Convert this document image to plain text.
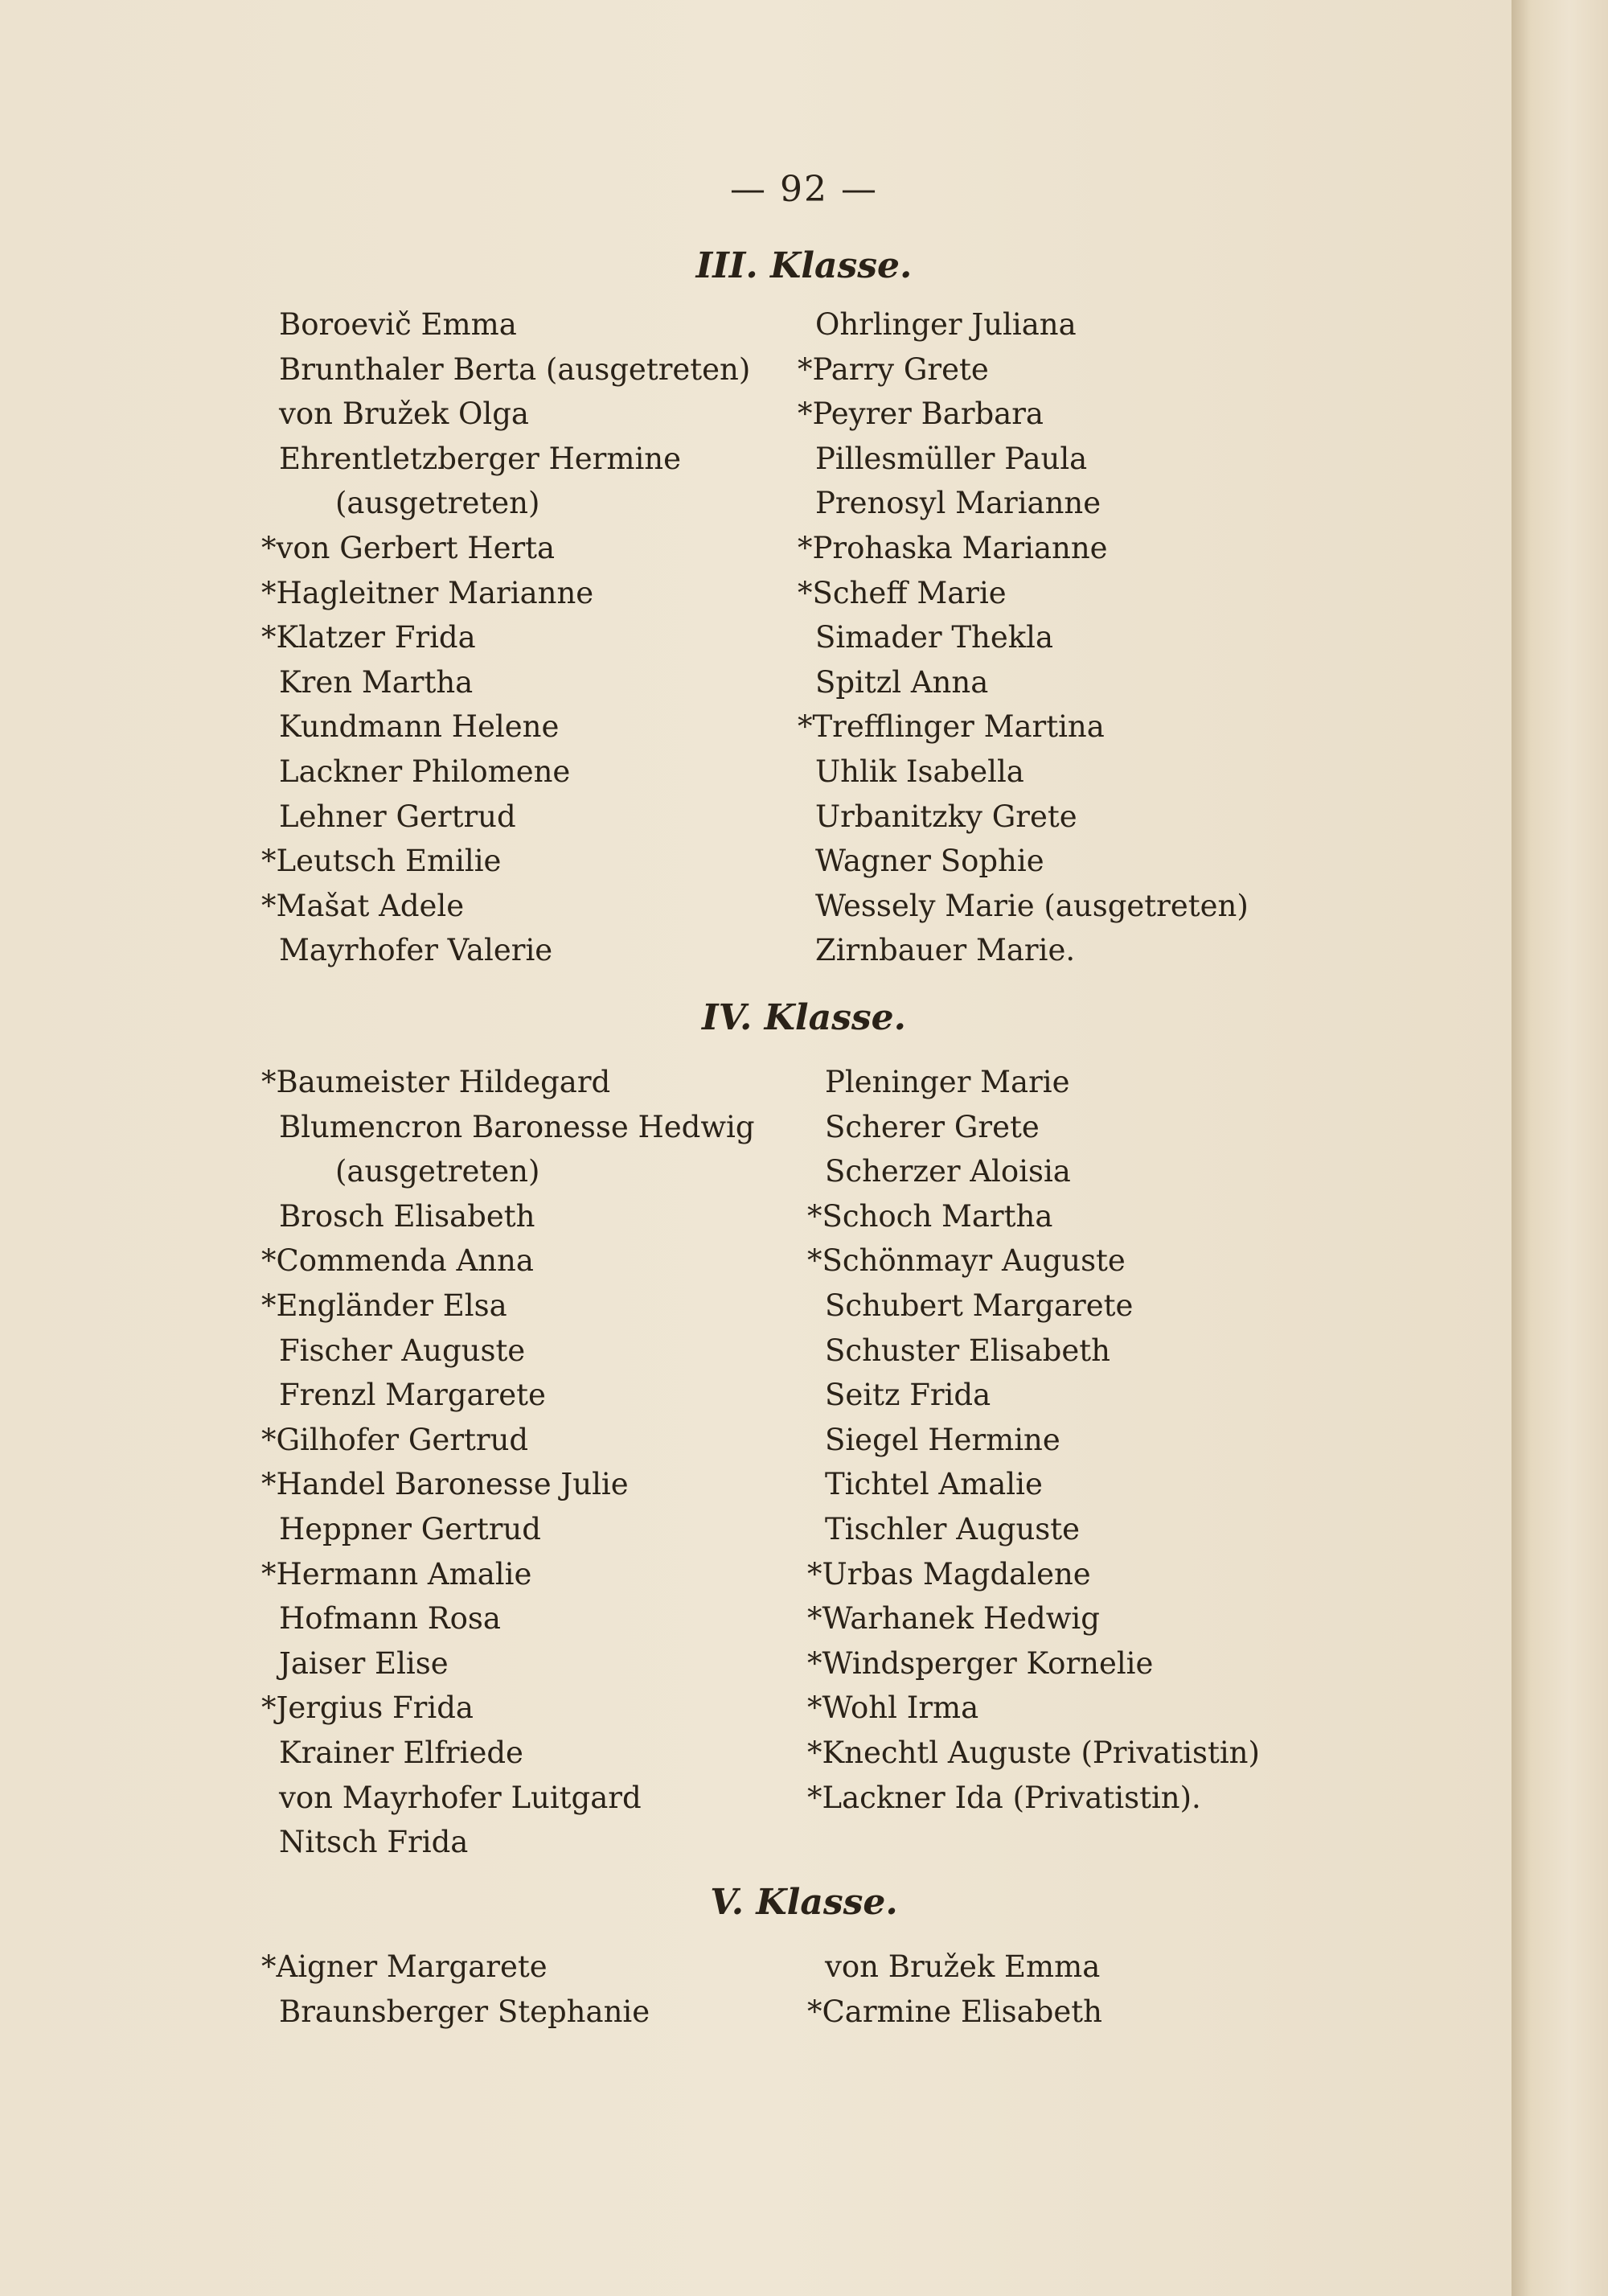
— 92 —
III. Klasse.
Boroevič Emma
Brunthaler Berta (ausgetreten)
von Bružek Olga
Ehrentletzberger Hermine
(ausgetreten)
*von Gerbert Herta
*Hagleitner Marianne
*Klatzer Frida
Kren Martha
Kundmann Helene
Lackner Philomene
Lehner Gertrud
*Leutsch Emilie
*Mašat Adele
Mayrhofer Valerie
Ohrlinger Juliana
*Parry Grete
*Peyrer Barbara
Pillesmüller Paula
Prenosyl Marianne
*Prohaska Marianne
*Scheff Marie
Simader Thekla
Spitzl Anna
*Trefflinger Martina
Uhlik Isabella
Urbanitzky Grete
Wagner Sophie
Wessely Marie (ausgetreten)
Zirnbauer Marie.
IV. Klasse.
*Baumeister Hildegard
Blumencron Baronesse Hedwig
(ausgetreten)
Brosch Elisabeth
*Commenda Anna
*Engländer Elsa
Fischer Auguste
Frenzl Margarete
*Gilhofer Gertrud
*Handel Baronesse Julie
Heppner Gertrud
*Hermann Amalie
Hofmann Rosa
Jaiser Elise
*Jergius Frida
Krainer Elfriede
von Mayrhofer Luitgard
Nitsch Frida
Pleninger Marie
Scherer Grete
Scherzer Aloisia
*Schoch Martha
*Schönmayr Auguste
Schubert Margarete
Schuster Elisabeth
Seitz Frida
Siegel Hermine
Tichtel Amalie
Tischler Auguste
*Urbas Magdalene
*Warhanek Hedwig
*Windsperger Kornelie
*Wohl Irma
*Knechtl Auguste (Privatistin)
*Lackner Ida (Privatistin).
V. Klasse.
*Aigner Margarete
Braunsberger Stephanie
von Bružek Emma
*Carmine Elisabeth
